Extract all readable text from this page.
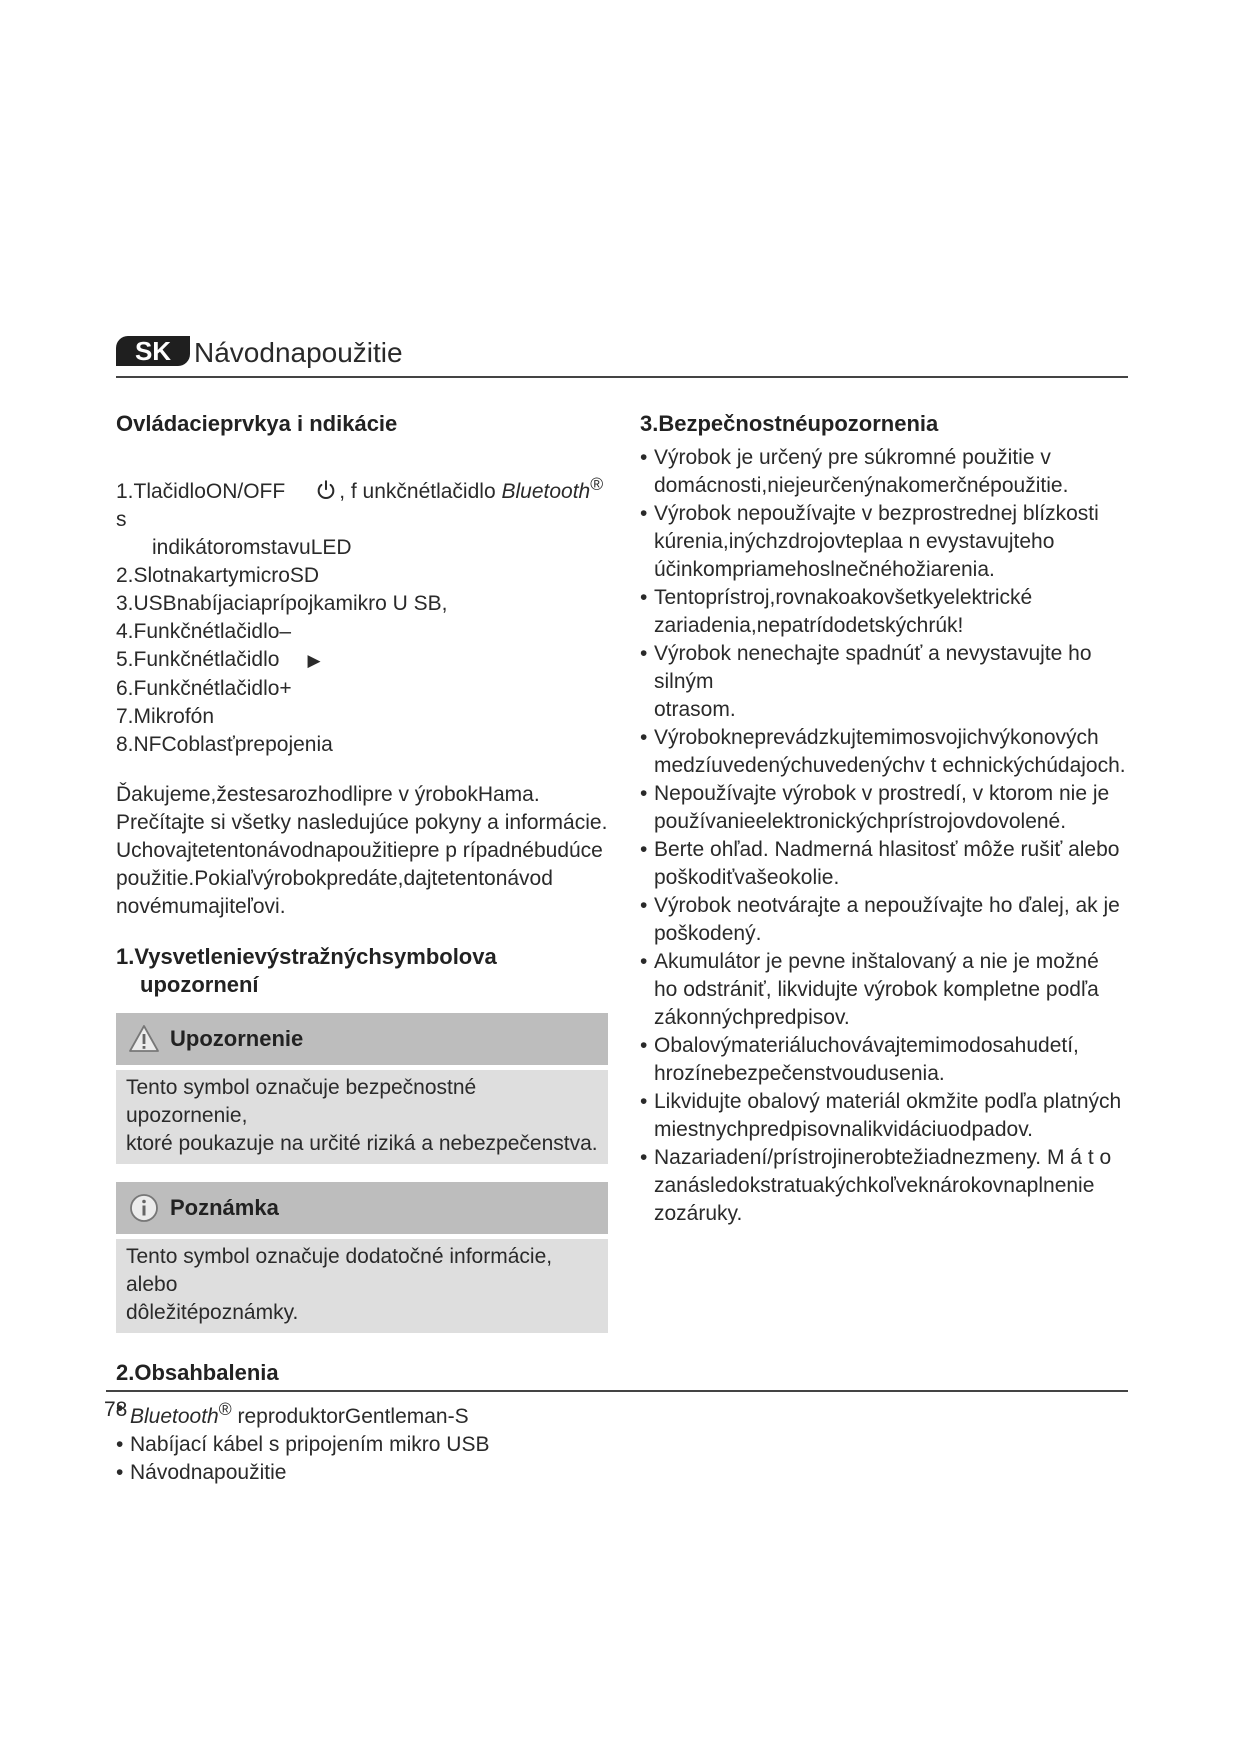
SK Návodnapoužitie
Ovládacieprvkya i ndikácie
1.TlačidloON/OFF	, f unkčnétlačidlo Bluetooth® s
indikátoromstavuLED
2.SlotnakartymicroSD
3.USBnabíjaciaprípojkamikro U SB,
4.Funkčnétlačidlo–
5.Funkčnétlačidlo ▶
6.Funkčnétlačidlo+
7.Mikrofón
8.NFCoblasťprepojenia

Ďakujeme,žestesarozhodlipre v ýrobokHama.

Prečítajte si všetky nasledujúce pokyny a informácie.

Uchovajtetentonávodnapoužitiepre p rípadnébudúce

použitie.Pokiaľvýrobokpredáte,dajtetentonávod

novémumajiteľovi.

1.Vysvetlenievýstražnýchsymbolova
upozornení
Upozornenie
Tento symbol označuje bezpečnostné upozornenie,
ktoré poukazuje na určité riziká a nebezpečenstva.
Poznámka
Tento symbol označuje dodatočné informácie, alebo
dôležitépoznámky.
2.Obsahbalenia
• Bluetooth® reproduktorGentleman-S
• Nabíjací kábel s pripojením mikro USB
• Návodnapoužitie
3.Bezpečnostnéupozornenia
• Výrobok je určený pre súkromné použitie v
domácnosti,niejeurčenýnakomerčnépoužitie.
• Výrobok nepoužívajte v bezprostrednej blízkosti
kúrenia,inýchzdrojovteplaa n evystavujteho
účinkompriamehoslnečnéhožiarenia.
• Tentoprístroj,rovnakoakovšetkyelektrické
zariadenia,nepatrídodetskýchrúk!
• Výrobok nenechajte spadnúť a nevystavujte ho silným
otrasom.
• Výrobokneprevádzkujtemimosvojichvýkonových
medzíuvedenýchuvedenýchv t echnickýchúdajoch.
• Nepoužívajte výrobok v prostredí, v ktorom nie je
používanieelektronickýchprístrojovdovolené.
• Berte ohľad. Nadmerná hlasitosť môže rušiť alebo
poškodiťvašeokolie.
• Výrobok neotvárajte a nepoužívajte ho ďalej, ak je
poškodený.
• Akumulátor je pevne inštalovaný a nie je možné
ho odstrániť, likvidujte výrobok kompletne podľa
zákonnýchpredpisov.
• Obalovýmateriáluchovávajtemimodosahudetí,
hrozínebezpečenstvoudusenia.
• Likvidujte obalový materiál okmžite podľa platných
miestnychpredpisovnalikvidáciuodpadov.
• Nazariadení/prístrojinerobtežiadnezmeny. M á t o
zanásledokstratuakýchkoľveknárokovnaplnenie
zozáruky.
78
